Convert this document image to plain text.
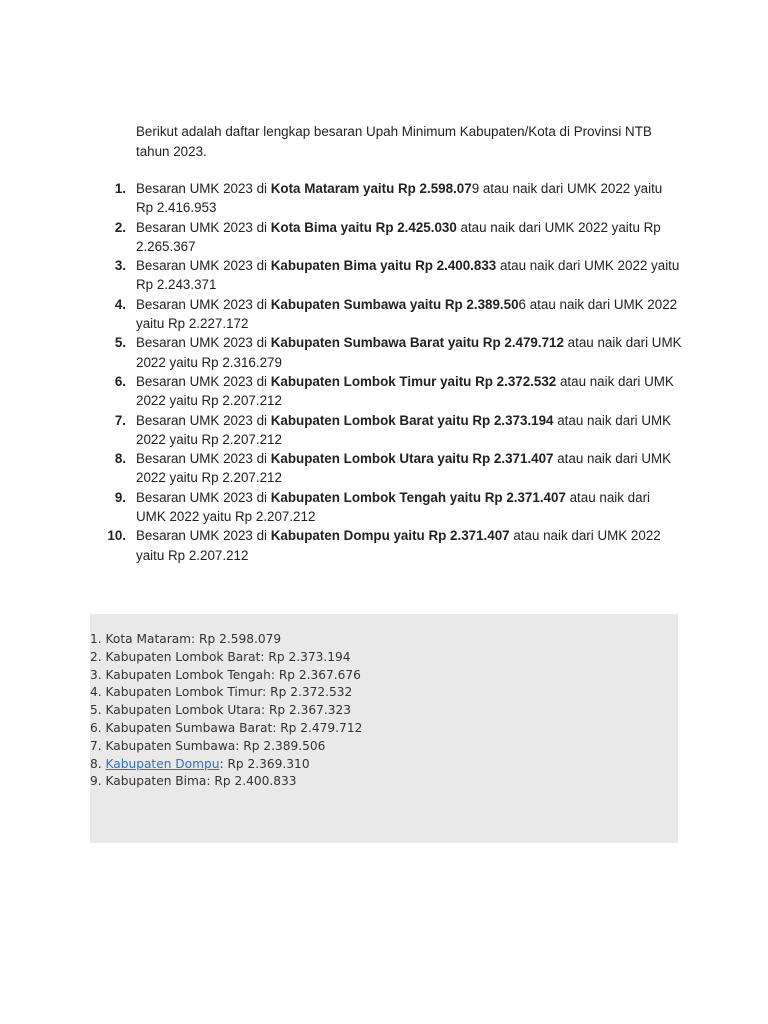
Berikut adalah daftar lengkap besaran Upah Minimum Kabupaten/Kota di Provinsi NTB tahun 2023.

1. Besaran UMK 2023 di Kota Mataram yaitu Rp 2.598.079 atau naik dari UMK 2022 yaitu Rp 2.416.953
2. Besaran UMK 2023 di Kota Bima yaitu Rp 2.425.030 atau naik dari UMK 2022 yaitu Rp 2.265.367
3. Besaran UMK 2023 di Kabupaten Bima yaitu Rp 2.400.833 atau naik dari UMK 2022 yaitu Rp 2.243.371
4. Besaran UMK 2023 di Kabupaten Sumbawa yaitu Rp 2.389.506 atau naik dari UMK 2022 yaitu Rp 2.227.172
5. Besaran UMK 2023 di Kabupaten Sumbawa Barat yaitu Rp 2.479.712 atau naik dari UMK 2022 yaitu Rp 2.316.279
6. Besaran UMK 2023 di Kabupaten Lombok Timur yaitu Rp 2.372.532 atau naik dari UMK 2022 yaitu Rp 2.207.212
7. Besaran UMK 2023 di Kabupaten Lombok Barat yaitu Rp 2.373.194 atau naik dari UMK 2022 yaitu Rp 2.207.212
8. Besaran UMK 2023 di Kabupaten Lombok Utara yaitu Rp 2.371.407 atau naik dari UMK 2022 yaitu Rp 2.207.212
9. Besaran UMK 2023 di Kabupaten Lombok Tengah yaitu Rp 2.371.407 atau naik dari UMK 2022 yaitu Rp 2.207.212
10. Besaran UMK 2023 di Kabupaten Dompu yaitu Rp 2.371.407 atau naik dari UMK 2022 yaitu Rp 2.207.212
1. Kota Mataram: Rp 2.598.079
2. Kabupaten Lombok Barat: Rp 2.373.194
3. Kabupaten Lombok Tengah: Rp 2.367.676
4. Kabupaten Lombok Timur: Rp 2.372.532
5. Kabupaten Lombok Utara: Rp 2.367.323
6. Kabupaten Sumbawa Barat: Rp 2.479.712
7. Kabupaten Sumbawa: Rp 2.389.506
8. Kabupaten Dompu: Rp 2.369.310
9. Kabupaten Bima: Rp 2.400.833
